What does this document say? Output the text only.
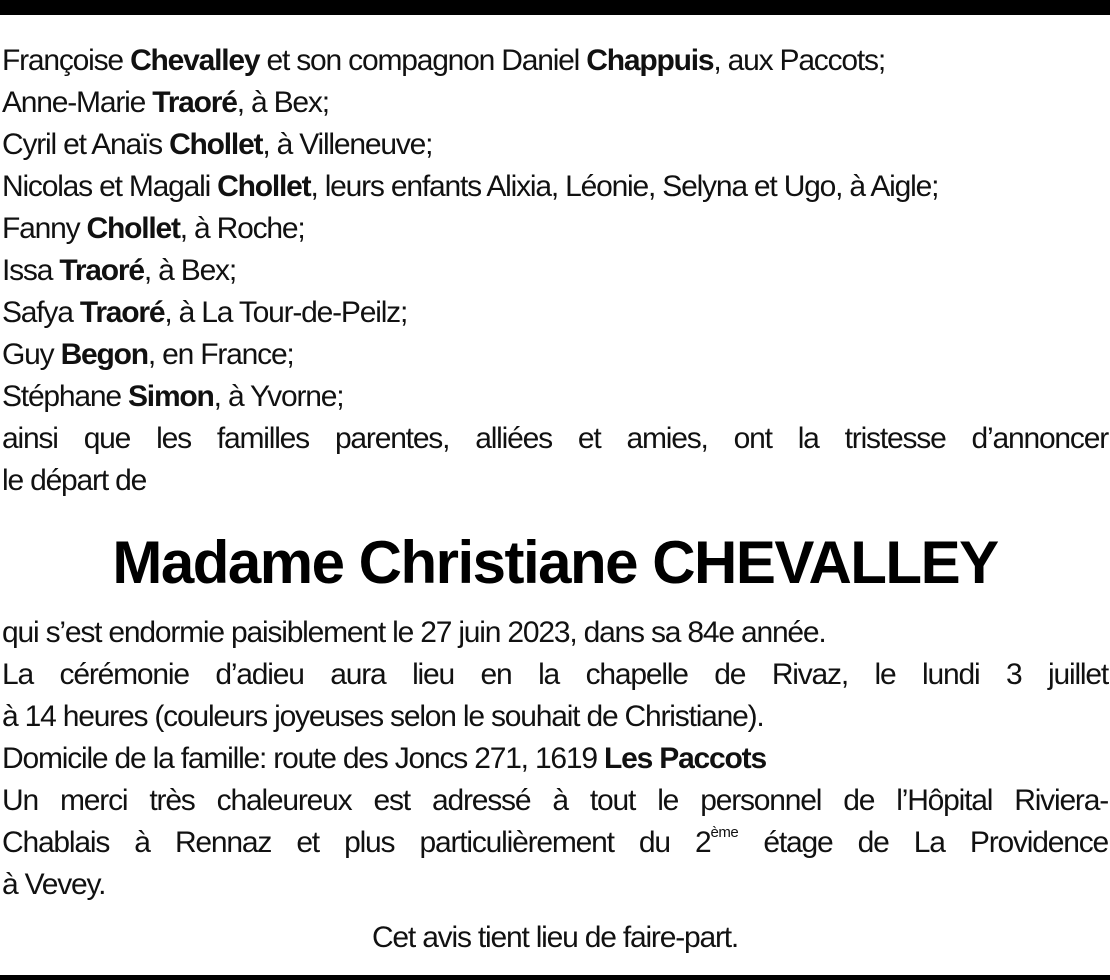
Françoise Chevalley et son compagnon Daniel Chappuis, aux Paccots;
Anne-Marie Traoré, à Bex;
Cyril et Anaïs Chollet, à Villeneuve;
Nicolas et Magali Chollet, leurs enfants Alixia, Léonie, Selyna et Ugo, à Aigle;
Fanny Chollet, à Roche;
Issa Traoré, à Bex;
Safya Traoré, à La Tour-de-Peilz;
Guy Begon, en France;
Stéphane Simon, à Yvorne;
ainsi que les familles parentes, alliées et amies, ont la tristesse d’annoncer
le départ de
Madame Christiane CHEVALLEY
qui s’est endormie paisiblement le 27 juin 2023, dans sa 84e année.
La cérémonie d’adieu aura lieu en la chapelle de Rivaz, le lundi 3 juillet
à 14 heures (couleurs joyeuses selon le souhait de Christiane).
Domicile de la famille: route des Joncs 271, 1619 Les Paccots
Un merci très chaleureux est adressé à tout le personnel de l’Hôpital Riviera-
Chablais à Rennaz et plus particulièrement du 2ème étage de La Providence
à Vevey.
Cet avis tient lieu de faire-part.
